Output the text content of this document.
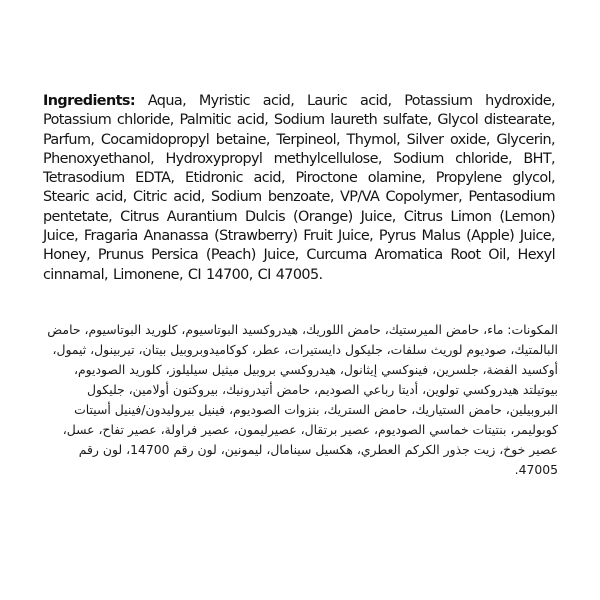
Ingredients: Aqua, Myristic acid, Lauric acid, Potassium hydroxide, Potassium chloride, Palmitic acid, Sodium laureth sulfate, Glycol distearate, Parfum, Cocamidopropyl betaine, Terpineol, Thymol, Silver oxide, Glycerin, Phenoxyethanol, Hydroxypropyl methylcellulose, Sodium chloride, BHT, Tetrasodium EDTA, Etidronic acid, Piroctone olamine, Propylene glycol, Stearic acid, Citric acid, Sodium benzoate, VP/VA Copolymer, Pentasodium pentetate, Citrus Aurantium Dulcis (Orange) Juice, Citrus Limon (Lemon) Juice, Fragaria Ananassa (Strawberry) Fruit Juice, Pyrus Malus (Apple) Juice, Honey, Prunus Persica (Peach) Juice, Curcuma Aromatica Root Oil, Hexyl cinnamal, Limonene, CI 14700, CI 47005.
المكونات: ماء، حامض الميرستيك، حامض اللوريك، هيدروكسيد البوتاسيوم، كلوريد البوتاسيوم، حامض البالمتيك، صوديوم لوريث سلفات، جليكول دايستيرات، عطر، كوكاميدوبروبيل بيتان، تيربينول، ثيمول، أوكسيد الفضة، جلسرين، فينوكسي إيثانول، هيدروكسي بروبيل ميثيل سيليلوز، كلوريد الصوديوم، بيوتيلتد هيدروكسي تولوين، أديتا رباعي الصوديم، حامض أتيدرونيك، بيروكتون أولامين، جليكول البروبيلين، حامض الستياريك، حامض الستريك، بنزوات الصوديوم، فينيل بيروليدون/فينيل أسيتات كوبوليمر، بنتيتات خماسي الصوديوم، عصير برتقال، عصيرليمون، عصير فراولة، عصير تفاح، عسل، عصير خوخ، زيت جذور الكركم العطري، هكسيل سينامال، ليمونين، لون رقم 14700، لون رقم 47005.
